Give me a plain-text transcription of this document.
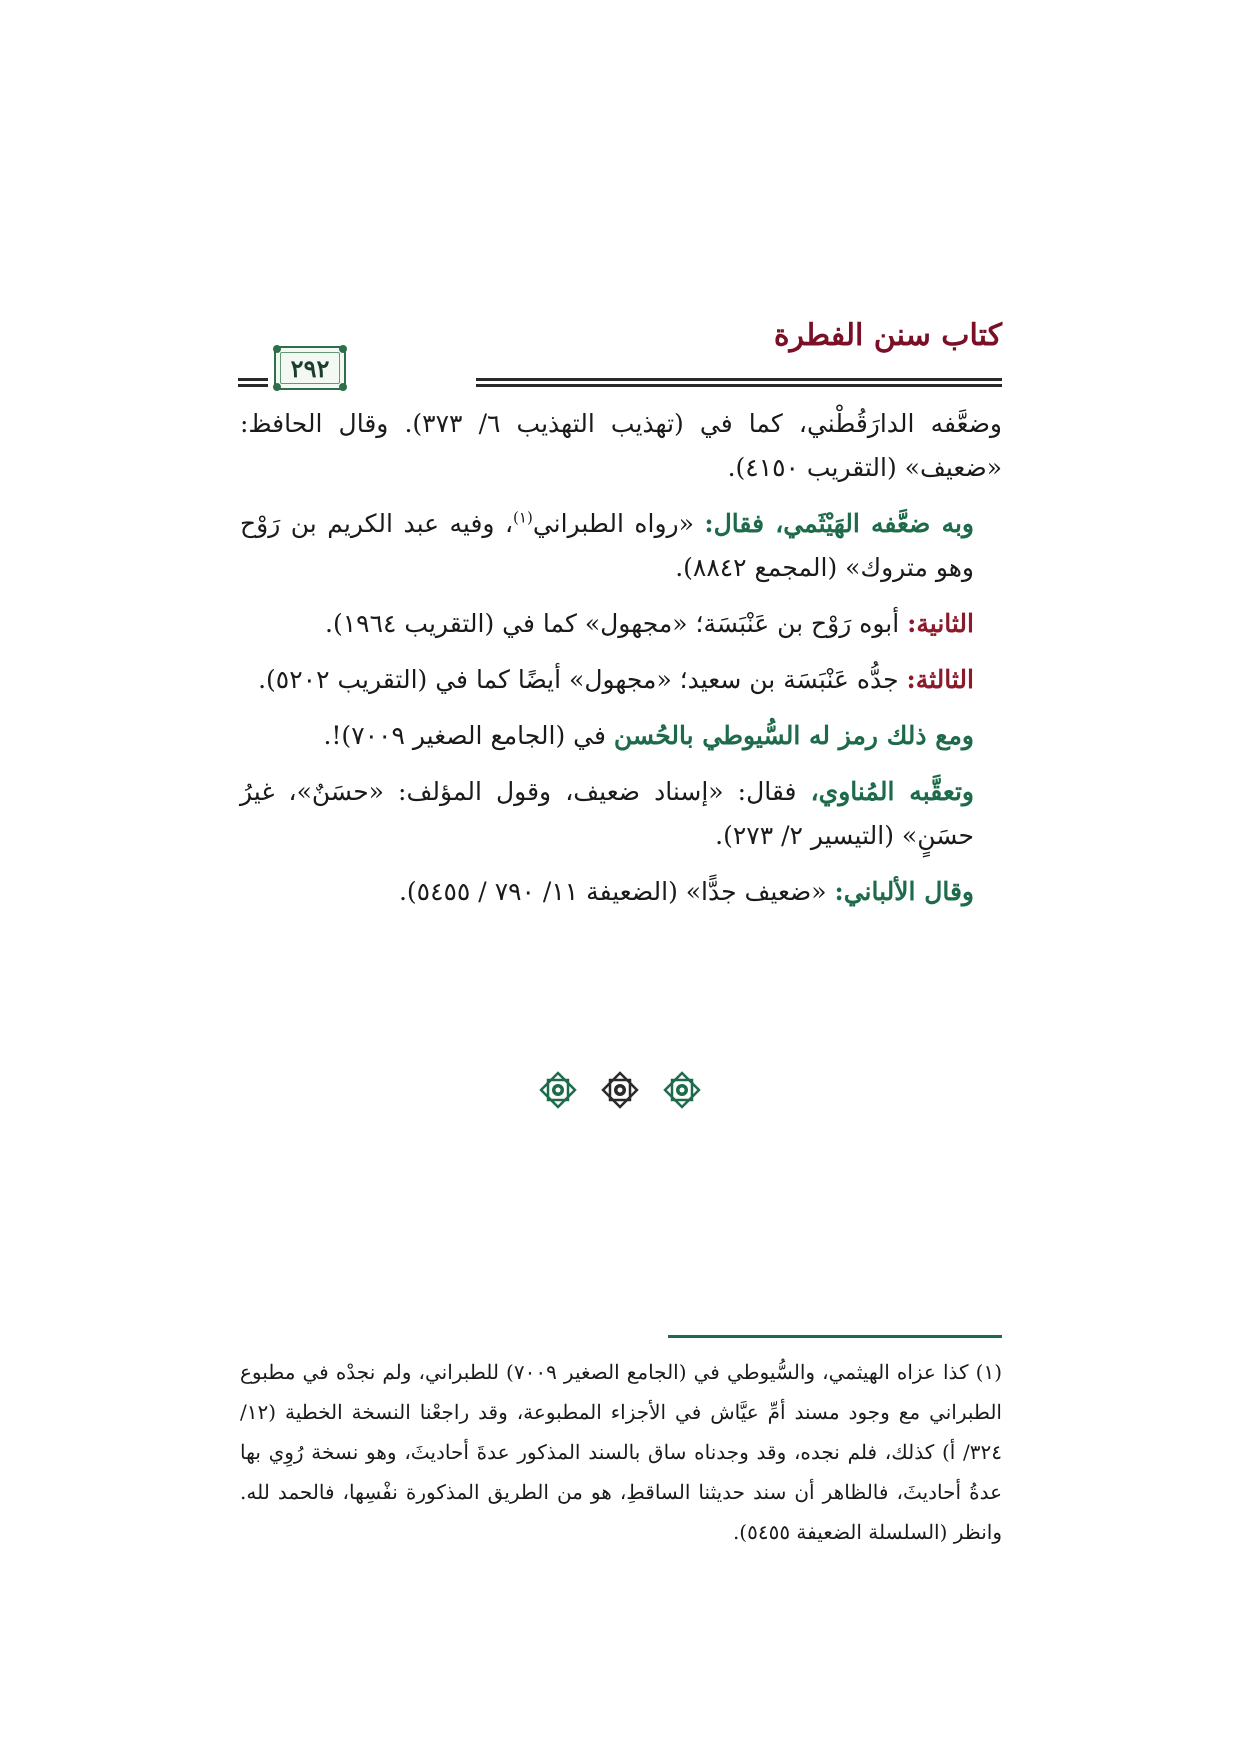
كتاب سنن الفطرة
٢٩٢

وضعَّفه الدارَقُطْني، كما في (تهذيب التهذيب ٦/ ٣٧٣). وقال الحافظ: «ضعيف» (التقريب ٤١٥٠).

وبه ضعَّفه الهَيْثَمي، فقال: «رواه الطبراني$^{(١)}$، وفيه عبد الكريم بن رَوْح وهو متروك» (المجمع ٨٨٤٢).

الثانية: أبوه رَوْح بن عَنْبَسَة؛ «مجهول» كما في (التقريب ١٩٦٤).

الثالثة: جدُّه عَنْبَسَة بن سعيد؛ «مجهول» أيضًا كما في (التقريب ٥٢٠٢).

ومع ذلك رمز له السُّيوطي بالحُسن في (الجامع الصغير ٧٠٠٩)!.

وتعقَّبه المُناوي، فقال: «إسناد ضعيف، وقول المؤلف: «حسَنٌ»، غيرُ حسَنٍ» (التيسير ٢/ ٢٧٣).

وقال الألباني: «ضعيف جدًّا» (الضعيفة ١١/ ٧٩٠ / ٥٤٥٥).

(١) كذا عزاه الهيثمي، والسُّيوطي في (الجامع الصغير ٧٠٠٩) للطبراني، ولم نجدْه في مطبوع الطبراني مع وجود مسند أمِّ عيَّاش في الأجزاء المطبوعة، وقد راجعْنا النسخة الخطية (١٢/ ٣٢٤/ أ) كذلك، فلم نجده، وقد وجدناه ساق بالسند المذكور عدةَ أحاديثَ، وهو نسخة رُوِي بها عدةُ أحاديثَ، فالظاهر أن سند حديثنا الساقطِ، هو من الطريق المذكورة نفْسِها، فالحمد لله. وانظر (السلسلة الضعيفة ٥٤٥٥).
